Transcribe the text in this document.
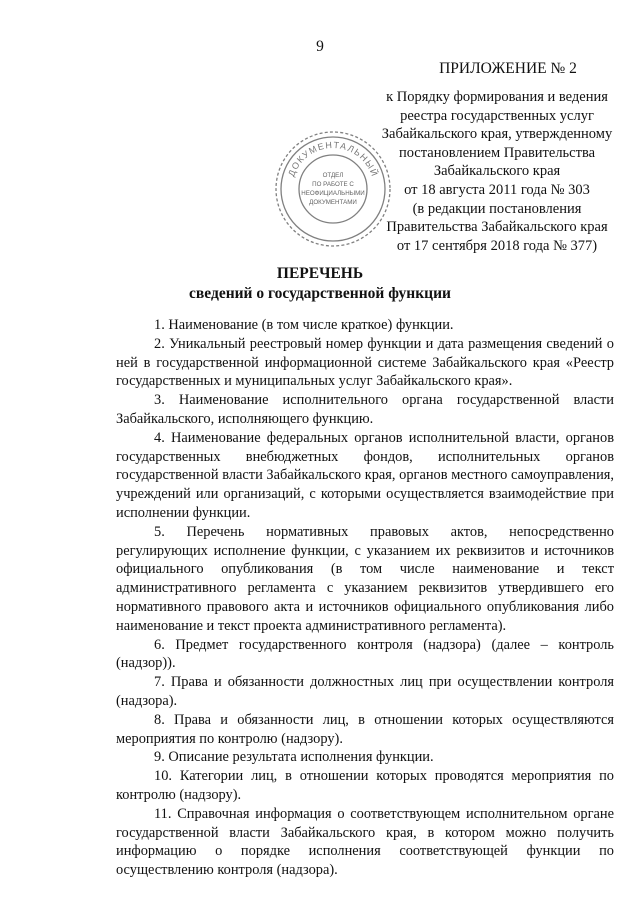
9
ПРИЛОЖЕНИЕ № 2
к Порядку формирования и ведения
реестра государственных услуг
Забайкальского края, утвержденному
постановлением Правительства
Забайкальского края
от 18 августа 2011 года № 303
(в редакции постановления
Правительства Забайкальского края
от 17 сентября 2018 года № 377)
ДОКУМЕНТАЛЬНЫЙ
ОТДЕЛ
ПО РАБОТЕ С
НЕОФИЦИАЛЬНЫМИ
ДОКУМЕНТАМИ
ПЕРЕЧЕНЬ
сведений о государственной функции

1. Наименование (в том числе краткое) функции.

2. Уникальный реестровый номер функции и дата размещения сведений о ней в государственной информационной системе Забайкальского края «Реестр государственных и муниципальных услуг Забайкальского края».

3. Наименование исполнительного органа государственной власти Забайкальского, исполняющего функцию.

4. Наименование федеральных органов исполнительной власти, органов государственных внебюджетных фондов, исполнительных органов государственной власти Забайкальского края, органов местного самоуправления, учреждений или организаций, с которыми осуществляется взаимодействие при исполнении функции.

5. Перечень нормативных правовых актов, непосредственно регулирующих исполнение функции, с указанием их реквизитов и источников официального опубликования (в том числе наименование и текст административного регламента с указанием реквизитов утвердившего его нормативного правового акта и источников официального опубликования либо наименование и текст проекта административного регламента).

6. Предмет государственного контроля (надзора) (далее – контроль (надзор)).

7. Права и обязанности должностных лиц при осуществлении контроля (надзора).

8. Права и обязанности лиц, в отношении которых осуществляются мероприятия по контролю (надзору).

9. Описание результата исполнения функции.

10. Категории лиц, в отношении которых проводятся мероприятия по контролю (надзору).

11. Справочная информация о соответствующем исполнительном органе государственной власти Забайкальского края, в котором можно получить информацию о порядке исполнения соответствующей функции по осуществлению контроля (надзора).
